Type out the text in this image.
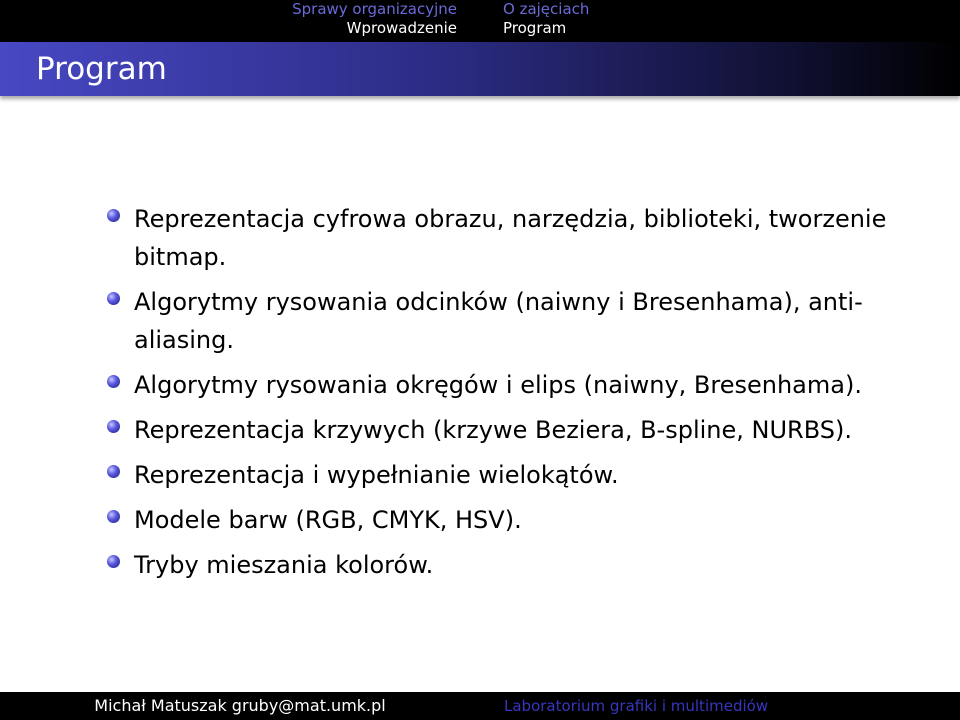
Sprawy organizacyjne
Wprowadzenie
O zajęciach
Program
Program
Reprezentacja cyfrowa obrazu, narzędzia, biblioteki, tworzenie bitmap.
Algorytmy rysowania odcinków (naiwny i Bresenhama), anti-aliasing.
Algorytmy rysowania okręgów i elips (naiwny, Bresenhama).
Reprezentacja krzywych (krzywe Beziera, B-spline, NURBS).
Reprezentacja i wypełnianie wielokątów.
Modele barw (RGB, CMYK, HSV).
Tryby mieszania kolorów.
Michał Matuszak gruby@mat.umk.pl	Laboratorium grafiki i multimediów
